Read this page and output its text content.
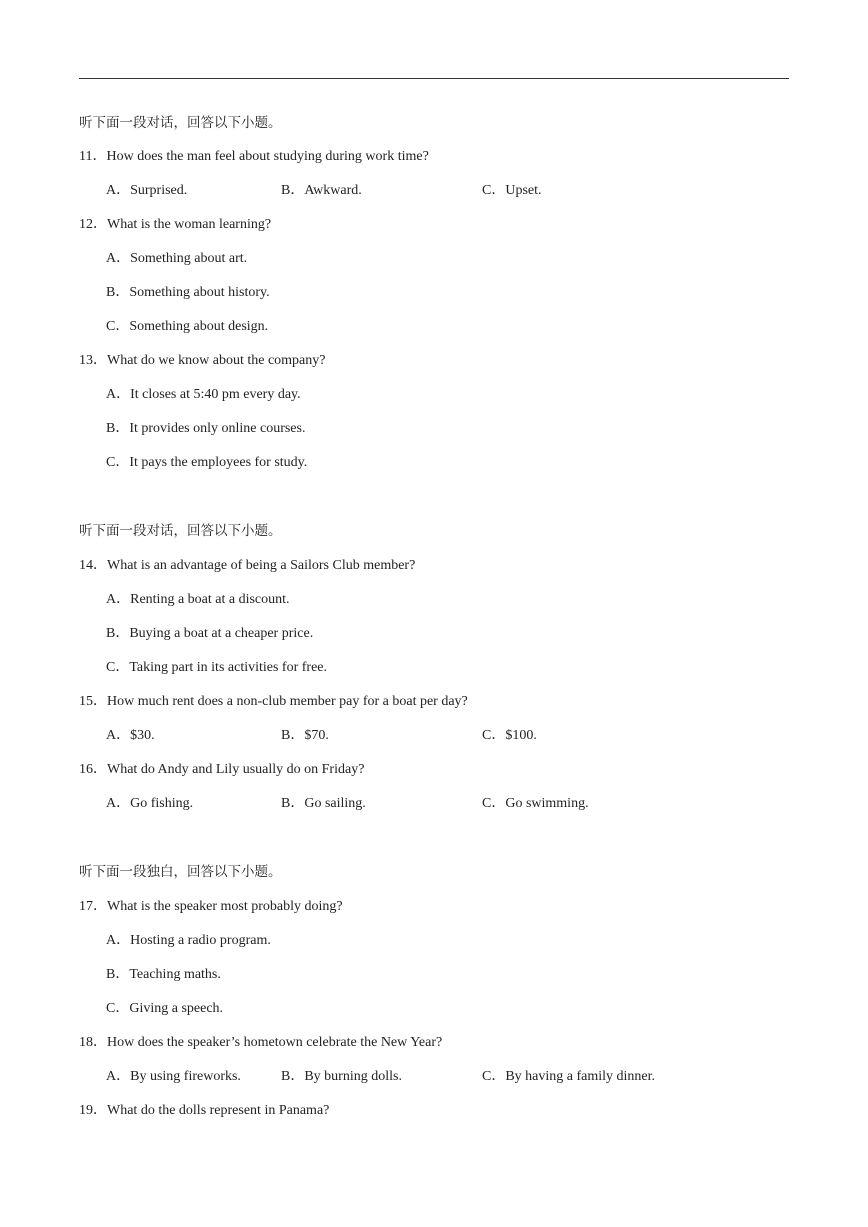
听下面一段对话，回答以下小题。
11．How does the man feel about studying during work time?
A．Surprised.	B．Awkward.	C．Upset.
12．What is the woman learning?
A．Something about art.
B．Something about history.
C．Something about design.
13．What do we know about the company?
A．It closes at 5:40 pm every day.
B．It provides only online courses.
C．It pays the employees for study.
听下面一段对话，回答以下小题。
14．What is an advantage of being a Sailors Club member?
A．Renting a boat at a discount.
B．Buying a boat at a cheaper price.
C．Taking part in its activities for free.
15．How much rent does a non-club member pay for a boat per day?
A．$30.	B．$70.	C．$100.
16．What do Andy and Lily usually do on Friday?
A．Go fishing.	B．Go sailing.	C．Go swimming.
听下面一段独白，回答以下小题。
17．What is the speaker most probably doing?
A．Hosting a radio program.
B．Teaching maths.
C．Giving a speech.
18．How does the speaker’s hometown celebrate the New Year?
A．By using fireworks.	B．By burning dolls.	C．By having a family dinner.
19．What do the dolls represent in Panama?
